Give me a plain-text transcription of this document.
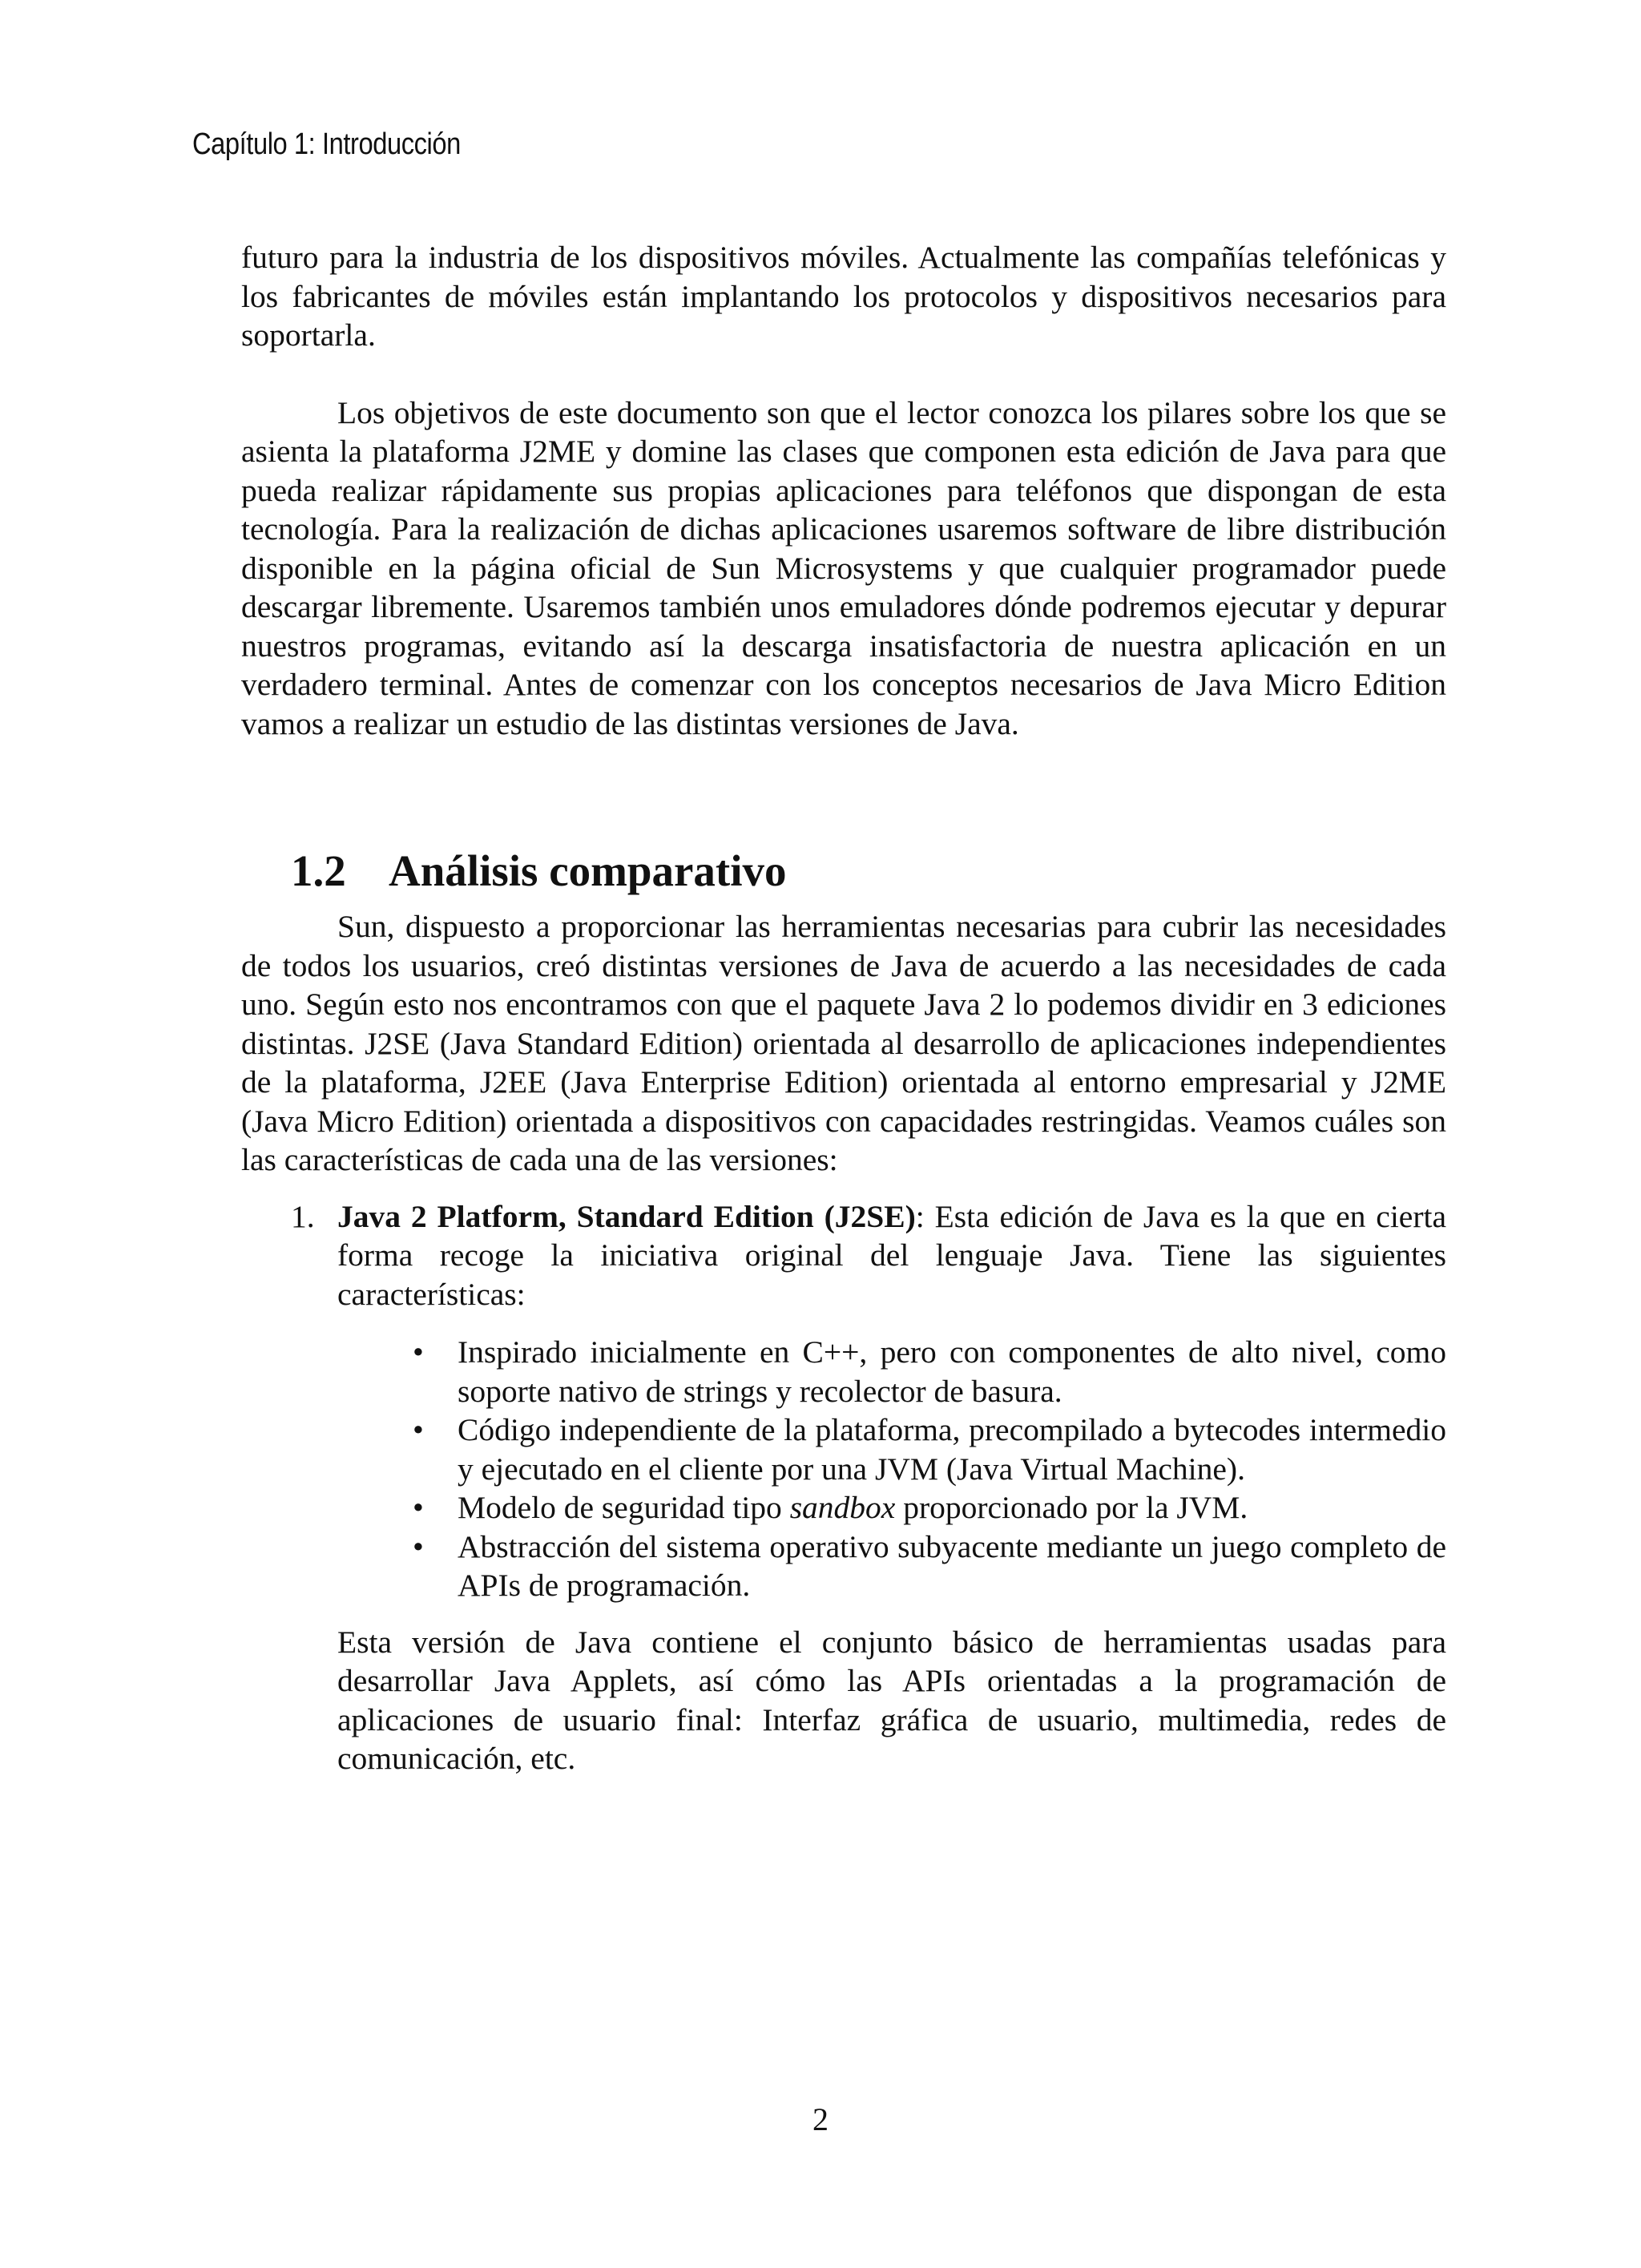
Capítulo 1: Introducción

futuro para la industria de los dispositivos móviles. Actualmente las compañías telefónicas y los fabricantes de móviles están implantando los protocolos y dispositivos necesarios para soportarla.

Los objetivos de este documento son que el lector conozca los pilares sobre los que se asienta la plataforma J2ME y domine las clases que componen esta edición de Java para que pueda realizar rápidamente sus propias aplicaciones para teléfonos que dispongan de esta tecnología. Para la realización de dichas aplicaciones usaremos software de libre distribución disponible en la página oficial de Sun Microsystems y que cualquier programador puede descargar libremente. Usaremos también unos emuladores dónde podremos ejecutar y depurar nuestros programas, evitando así la descarga insatisfactoria de nuestra aplicación en un verdadero terminal. Antes de comenzar con los conceptos necesarios de Java Micro Edition vamos a realizar un estudio de las distintas versiones de Java.

1.2 Análisis comparativo

Sun, dispuesto a proporcionar las herramientas necesarias para cubrir las necesidades de todos los usuarios, creó distintas versiones de Java de acuerdo a las necesidades de cada uno. Según esto nos encontramos con que el paquete Java 2 lo podemos dividir en 3 ediciones distintas. J2SE (Java Standard Edition) orientada al desarrollo de aplicaciones independientes de la plataforma, J2EE (Java Enterprise Edition) orientada al entorno empresarial y J2ME (Java Micro Edition) orientada a dispositivos con capacidades restringidas. Veamos cuáles son las características de cada una de las versiones:

1. Java 2 Platform, Standard Edition (J2SE): Esta edición de Java es la que en cierta forma recoge la iniciativa original del lenguaje Java. Tiene las siguientes características:
• Inspirado inicialmente en C++, pero con componentes de alto nivel, como soporte nativo de strings y recolector de basura.
• Código independiente de la plataforma, precompilado a bytecodes intermedio y ejecutado en el cliente por una JVM (Java Virtual Machine).
• Modelo de seguridad tipo sandbox proporcionado por la JVM.
• Abstracción del sistema operativo subyacente mediante un juego completo de APIs de programación.

Esta versión de Java contiene el conjunto básico de herramientas usadas para desarrollar Java Applets, así cómo las APIs orientadas a la programación de aplicaciones de usuario final: Interfaz gráfica de usuario, multimedia, redes de comunicación, etc.

2
